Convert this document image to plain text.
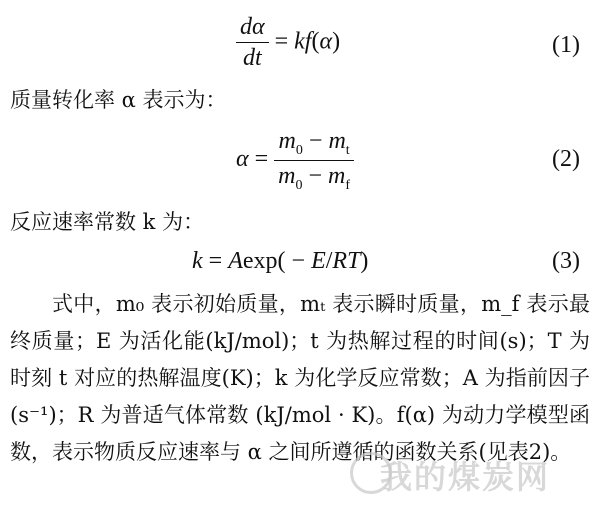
$\frac{d\alpha}{dt} = kf(\alpha)$	(1)
质量转化率 α 表示为：
$\alpha = \frac{m_0 - m_t}{m_0 - m_f}$	(2)
反应速率常数 k 为：
k = Aexp( − E/RT)	(3)
式中，m₀ 表示初始质量，mₜ 表示瞬时质量，m_f 表示最终质量；E 为活化能(kJ/mol)；t 为热解过程的时间(s)；T 为时刻 t 对应的热解温度(K)；k 为化学反应常数；A 为指前因子(s⁻¹)；R 为普适气体常数 (kJ/mol · K)。f(α) 为动力学模型函数，表示物质反应速率与 α 之间所遵循的函数关系(见表2)。
我的煤炭网
